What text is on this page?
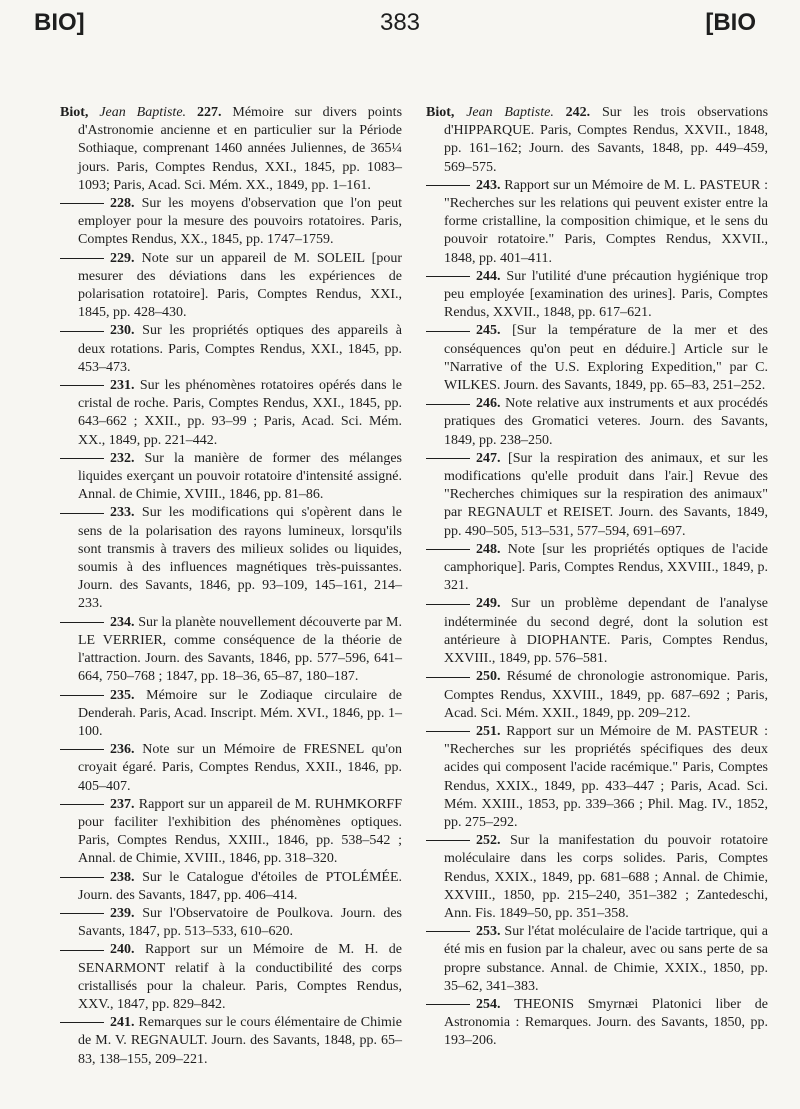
BIO]	383	[BIO
Biot, Jean Baptiste. 227. Mémoire sur divers points d'Astronomie ancienne et en particulier sur la Période Sothiaque, comprenant 1460 années Juliennes, de 365¼ jours. Paris, Comptes Rendus, XXI., 1845, pp. 1083–1093; Paris, Acad. Sci. Mém. XX., 1849, pp. 1–161.
228. Sur les moyens d'observation que l'on peut employer pour la mesure des pouvoirs rotatoires. Paris, Comptes Rendus, XX., 1845, pp. 1747–1759.
229. Note sur un appareil de M. SOLEIL [pour mesurer des déviations dans les expériences de polarisation rotatoire]. Paris, Comptes Rendus, XXI., 1845, pp. 428–430.
230. Sur les propriétés optiques des appareils à deux rotations. Paris, Comptes Rendus, XXI., 1845, pp. 453–473.
231. Sur les phénomènes rotatoires opérés dans le cristal de roche. Paris, Comptes Rendus, XXI., 1845, pp. 643–662 ; XXII., pp. 93–99 ; Paris, Acad. Sci. Mém. XX., 1849, pp. 221–442.
232. Sur la manière de former des mélanges liquides exerçant un pouvoir rotatoire d'intensité assigné. Annal. de Chimie, XVIII., 1846, pp. 81–86.
233. Sur les modifications qui s'opèrent dans le sens de la polarisation des rayons lumineux, lorsqu'ils sont transmis à travers des milieux solides ou liquides, soumis à des influences magnétiques très-puissantes. Journ. des Savants, 1846, pp. 93–109, 145–161, 214–233.
234. Sur la planète nouvellement découverte par M. LE VERRIER, comme conséquence de la théorie de l'attraction. Journ. des Savants, 1846, pp. 577–596, 641–664, 750–768 ; 1847, pp. 18–36, 65–87, 180–187.
235. Mémoire sur le Zodiaque circulaire de Denderah. Paris, Acad. Inscript. Mém. XVI., 1846, pp. 1–100.
236. Note sur un Mémoire de FRESNEL qu'on croyait égaré. Paris, Comptes Rendus, XXII., 1846, pp. 405–407.
237. Rapport sur un appareil de M. RUHMKORFF pour faciliter l'exhibition des phénomènes optiques. Paris, Comptes Rendus, XXIII., 1846, pp. 538–542 ; Annal. de Chimie, XVIII., 1846, pp. 318–320.
238. Sur le Catalogue d'étoiles de PTOLÉMÉE. Journ. des Savants, 1847, pp. 406–414.
239. Sur l'Observatoire de Poulkova. Journ. des Savants, 1847, pp. 513–533, 610–620.
240. Rapport sur un Mémoire de M. H. de SENARMONT relatif à la conductibilité des corps cristallisés pour la chaleur. Paris, Comptes Rendus, XXV., 1847, pp. 829–842.
241. Remarques sur le cours élémentaire de Chimie de M. V. REGNAULT. Journ. des Savants, 1848, pp. 65–83, 138–155, 209–221.
Biot, Jean Baptiste. 242. Sur les trois observations d'HIPPARQUE. Paris, Comptes Rendus, XXVII., 1848, pp. 161–162; Journ. des Savants, 1848, pp. 449–459, 569–575.
243. Rapport sur un Mémoire de M. L. PASTEUR : "Recherches sur les relations qui peuvent exister entre la forme cristalline, la composition chimique, et le sens du pouvoir rotatoire." Paris, Comptes Rendus, XXVII., 1848, pp. 401–411.
244. Sur l'utilité d'une précaution hygiénique trop peu employée [examination des urines]. Paris, Comptes Rendus, XXVII., 1848, pp. 617–621.
245. [Sur la température de la mer et des conséquences qu'on peut en déduire.] Article sur le "Narrative of the U.S. Exploring Expedition," par C. WILKES. Journ. des Savants, 1849, pp. 65–83, 251–252.
246. Note relative aux instruments et aux procédés pratiques des Gromatici veteres. Journ. des Savants, 1849, pp. 238–250.
247. [Sur la respiration des animaux, et sur les modifications qu'elle produit dans l'air.] Revue des "Recherches chimiques sur la respiration des animaux" par REGNAULT et REISET. Journ. des Savants, 1849, pp. 490–505, 513–531, 577–594, 691–697.
248. Note [sur les propriétés optiques de l'acide camphorique]. Paris, Comptes Rendus, XXVIII., 1849, p. 321.
249. Sur un problème dependant de l'analyse indéterminée du second degré, dont la solution est antérieure à DIOPHANTE. Paris, Comptes Rendus, XXVIII., 1849, pp. 576–581.
250. Résumé de chronologie astronomique. Paris, Comptes Rendus, XXVIII., 1849, pp. 687–692 ; Paris, Acad. Sci. Mém. XXII., 1849, pp. 209–212.
251. Rapport sur un Mémoire de M. PASTEUR : "Recherches sur les propriétés spécifiques des deux acides qui composent l'acide racémique." Paris, Comptes Rendus, XXIX., 1849, pp. 433–447 ; Paris, Acad. Sci. Mém. XXIII., 1853, pp. 339–366 ; Phil. Mag. IV., 1852, pp. 275–292.
252. Sur la manifestation du pouvoir rotatoire moléculaire dans les corps solides. Paris, Comptes Rendus, XXIX., 1849, pp. 681–688 ; Annal. de Chimie, XXVIII., 1850, pp. 215–240, 351–382 ; Zantedeschi, Ann. Fis. 1849–50, pp. 351–358.
253. Sur l'état moléculaire de l'acide tartrique, qui a été mis en fusion par la chaleur, avec ou sans perte de sa propre substance. Annal. de Chimie, XXIX., 1850, pp. 35–62, 341–383.
254. THEONIS Smyrnæi Platonici liber de Astronomia : Remarques. Journ. des Savants, 1850, pp. 193–206.
